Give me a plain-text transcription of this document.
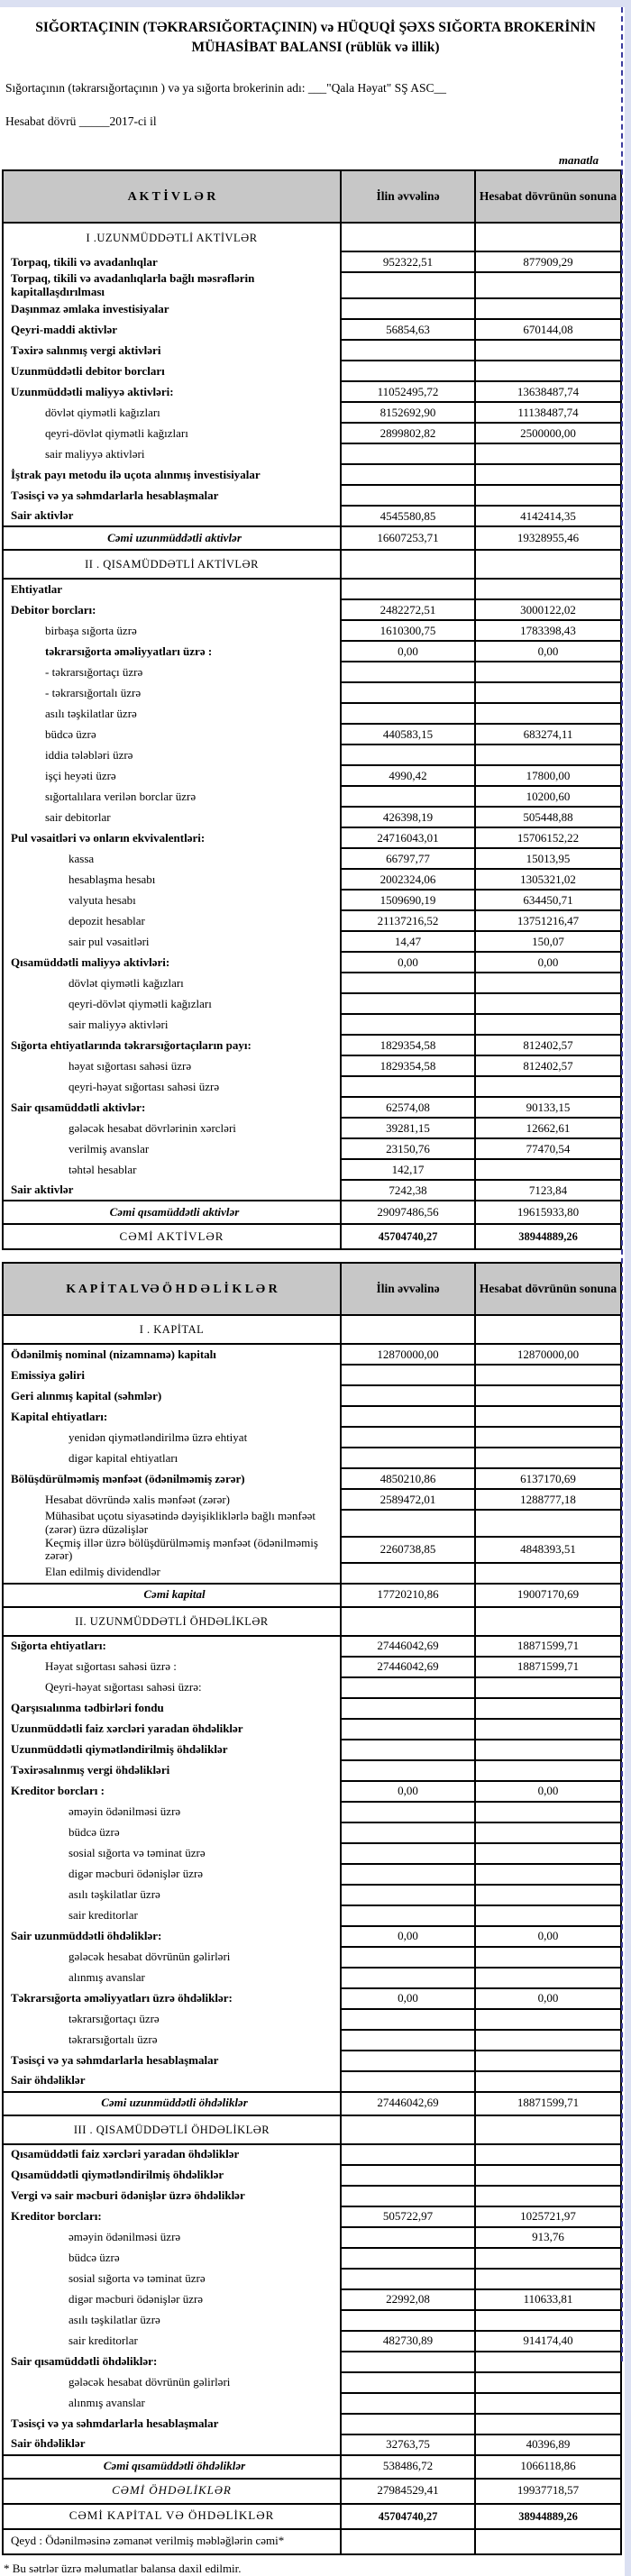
SIĞORTAÇININ (TƏKRARSIĞORTAÇININ) və HÜQUQİ ŞƏXS SIĞORTA BROKERİNİN MÜHASİBAT BALANSI (rüblük və illik)
Sığortaçının (təkrarsığortaçının ) və ya sığorta brokerinin adı: ___"Qala Həyat" SŞ ASC__
Hesabat dövrü _____2017-ci il
manatla
A K T İ V L Ə R	İlin əvvəlinə	Hesabat dövrünün sonuna
I .UZUNMÜDDƏTLİ AKTİVLƏR		
Torpaq, tikili və avadanlıqlar	952322,51	877909,29
Torpaq, tikili və avadanlıqlarla bağlı məsrəflərin kapitallaşdırılması		
Daşınmaz əmlaka investisiyalar		
Qeyri-maddi aktivlər	56854,63	670144,08
Təxirə salınmış vergi aktivləri		
Uzunmüddətli debitor borcları		
Uzunmüddətli maliyyə aktivləri:	11052495,72	13638487,74
dövlət qiymətli kağızları	8152692,90	11138487,74
qeyri-dövlət qiymətli kağızları	2899802,82	2500000,00
sair maliyyə aktivləri		
İştrak payı metodu ilə uçota alınmış investisiyalar		
Təsisçi və ya səhmdarlarla hesablaşmalar		
Sair aktivlər	4545580,85	4142414,35
Cəmi uzunmüddətli aktivlər	16607253,71	19328955,46
II . QISAMÜDDƏTLİ AKTİVLƏR		
Ehtiyatlar		
Debitor borcları:	2482272,51	3000122,02
birbaşa sığorta üzrə	1610300,75	1783398,43
təkrarsığorta əməliyyatları üzrə :	0,00	0,00
- təkrarsığortaçı üzrə		
- təkrarsığortalı üzrə		
asılı təşkilatlar üzrə		
büdcə üzrə	440583,15	683274,11
iddia tələbləri üzrə		
işçi heyəti üzrə	4990,42	17800,00
sığortalılara verilən borclar üzrə		10200,60
sair debitorlar	426398,19	505448,88
Pul vəsaitləri və onların ekvivalentləri:	24716043,01	15706152,22
kassa	66797,77	15013,95
hesablaşma hesabı	2002324,06	1305321,02
valyuta hesabı	1509690,19	634450,71
depozit hesablar	21137216,52	13751216,47
sair pul vəsaitləri	14,47	150,07
Qısamüddətli maliyyə aktivləri:	0,00	0,00
dövlət qiymətli kağızları		
qeyri-dövlət qiymətli kağızları		
sair maliyyə aktivləri		
Sığorta ehtiyatlarında təkrarsığortaçıların payı:	1829354,58	812402,57
həyat sığortası sahəsi üzrə	1829354,58	812402,57
qeyri-həyat sığortası sahəsi üzrə		
Sair qısamüddətli aktivlər:	62574,08	90133,15
gələcək hesabat dövrlərinin xərcləri	39281,15	12662,61
verilmiş avanslar	23150,76	77470,54
təhtəl hesablar	142,17	
Sair aktivlər	7242,38	7123,84
Cəmi qısamüddətli aktivlər	29097486,56	19615933,80
CƏMİ AKTİVLƏR	45704740,27	38944889,26
K A P İ T A L VƏ Ö H D Ə L İ K L Ə R	İlin əvvəlinə	Hesabat dövrünün sonuna
I . KAPİTAL		
Ödənilmiş nominal (nizamnamə) kapitalı	12870000,00	12870000,00
Emissiya gəliri		
Geri alınmış kapital (səhmlər)		
Kapital ehtiyatları:		
yenidən qiymətləndirilmə üzrə ehtiyat		
digər kapital ehtiyatları		
Bölüşdürülməmiş mənfəət (ödənilməmiş zərər)	4850210,86	6137170,69
Hesabat dövründə xalis mənfəət (zərər)	2589472,01	1288777,18
Mühasibat uçotu siyasətində dəyişikliklərlə bağlı mənfəət (zərər) üzrə düzəlişlər		
Keçmiş illər üzrə bölüşdürülməmiş mənfəət (ödənilməmiş zərər)	2260738,85	4848393,51
Elan edilmiş dividendlər		
Cəmi kapital	17720210,86	19007170,69
II. UZUNMÜDDƏTLİ ÖHDƏLİKLƏR		
Sığorta ehtiyatları:	27446042,69	18871599,71
Həyat sığortası sahəsi üzrə :	27446042,69	18871599,71
Qeyri-həyat sığortası sahəsi üzrə:		
Qarşısıalınma tədbirləri fondu		
Uzunmüddətli faiz xərcləri yaradan öhdəliklər		
Uzunmüddətli qiymətləndirilmiş öhdəliklər		
Təxirəsalınmış vergi öhdəlikləri		
Kreditor borcları :	0,00	0,00
əməyin ödənilməsi üzrə		
büdcə üzrə		
sosial sığorta və təminat üzrə		
digər məcburi ödənişlər üzrə		
asılı təşkilatlar üzrə		
sair kreditorlar		
Sair uzunmüddətli öhdəliklər:	0,00	0,00
gələcək hesabat dövrünün gəlirləri		
alınmış avanslar		
Təkrarsığorta əməliyyatları üzrə öhdəliklər:	0,00	0,00
təkrarsığortaçı üzrə		
təkrarsığortalı üzrə		
Təsisçi və ya səhmdarlarla hesablaşmalar		
Sair öhdəliklər		
Cəmi uzunmüddətli öhdəliklər	27446042,69	18871599,71
III . QISAMÜDDƏTLİ ÖHDƏLİKLƏR		
Qısamüddətli faiz xərcləri yaradan öhdəliklər		
Qısamüddətli qiymətləndirilmiş öhdəliklər		
Vergi və sair məcburi ödənişlər üzrə öhdəliklər		
Kreditor borcları:	505722,97	1025721,97
əməyin ödənilməsi üzrə		913,76
büdcə üzrə		
sosial sığorta və təminat üzrə		
digər məcburi ödənişlər üzrə	22992,08	110633,81
asılı təşkilatlar üzrə		
sair kreditorlar	482730,89	914174,40
Sair qısamüddətli öhdəliklər:		
gələcək hesabat dövrünün gəlirləri		
alınmış avanslar		
Təsisçi və ya səhmdarlarla hesablaşmalar		
Sair öhdəliklər	32763,75	40396,89
Cəmi qısamüddətli öhdəliklər	538486,72	1066118,86
CƏMİ ÖHDƏLİKLƏR	27984529,41	19937718,57
CƏMİ KAPİTAL VƏ ÖHDƏLİKLƏR	45704740,27	38944889,26
Qeyd : Ödənilməsinə zəmanət verilmiş məbləğlərin cəmi*		
* Bu sətrlər üzrə məlumatlar balansa daxil edilmir.
